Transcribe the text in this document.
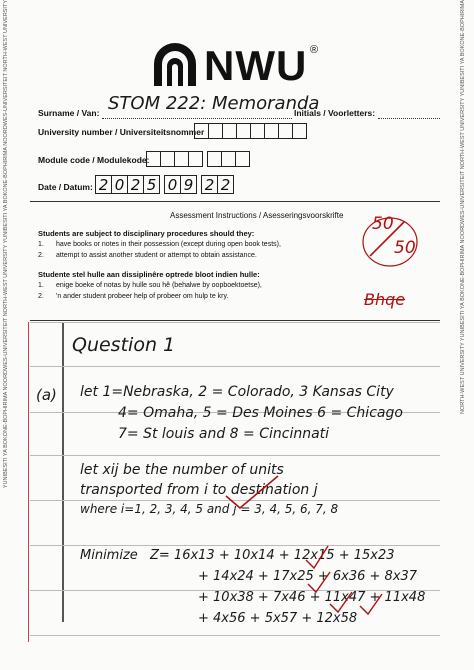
YUNIBESITI YA BOKONE-BOPHIRIMA NOORDWES-UNIVERSITEIT NORTH-WEST UNIVERSITY YUNIBESITI YA BOKONE-BOPHIRIMA NOORDWES-UNIVERSITEIT NORTH-WEST UNIVERSITY	NORTH-WEST UNIVERSITY YUNIBESITI YA BOKONE-BOPHIRIMA NOORDWES-UNIVERSITEIT NORTH-WEST UNIVERSITY YUNIBESITI YA BOKONE-BOPHIRIMA
NWU ®
Surname / Van: STOM 222: Memoranda
Initials / Voorletters:
University number / Universiteitsnommer
Module code / Modulekode:
Date / Datum: 2 0 2 5 0 9 2 2
Assessment Instructions / Asesseringsvoorskrifte
Students are subject to disciplinary procedures should they:
1. have books or notes in their possession (except during open book tests),
2. attempt to assist another student or attempt to obtain assistance.
Studente stel hulle aan dissiplinêre optrede bloot indien hulle:
1. enige boeke of notas by hulle sou hê (behalwe by oopboektoetse),
2. 'n ander student probeer help of probeer om hulp te kry.
50
50
Bhqe
Question 1
(a) let 1=Nebraska, 2 = Colorado, 3 Kansas City
4= Omaha, 5 = Des Moines 6 = Chicago
7= St louis and 8 = Cincinnati
let xij be the number of units
transported from i to destination j
where i=1, 2, 3, 4, 5 and j = 3, 4, 5, 6, 7, 8
Minimize Z= 16x13 + 10x14 + 12x15 + 15x23
+ 14x24 + 17x25 + 6x36 + 8x37
+ 10x38 + 7x46 + 11x47 + 11x48
+ 4x56 + 5x57 + 12x58
